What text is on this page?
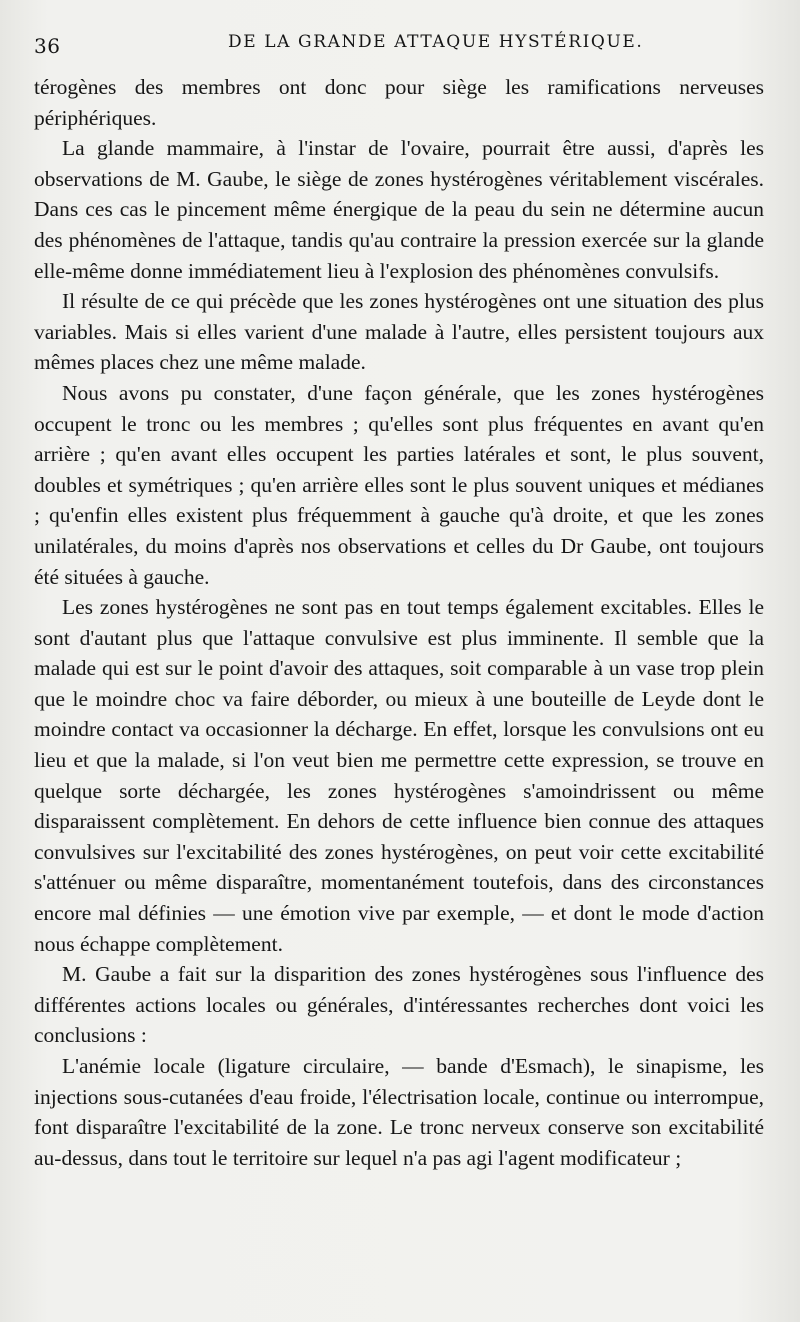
36	DE LA GRANDE ATTAQUE HYSTÉRIQUE.

térogènes des membres ont donc pour siège les ramifications nerveuses périphériques.

La glande mammaire, à l'instar de l'ovaire, pourrait être aussi, d'après les observations de M. Gaube, le siège de zones hystérogènes véritablement viscérales. Dans ces cas le pincement même énergique de la peau du sein ne détermine aucun des phénomènes de l'attaque, tandis qu'au contraire la pression exercée sur la glande elle-même donne immédiatement lieu à l'explosion des phénomènes convulsifs.

Il résulte de ce qui précède que les zones hystérogènes ont une situation des plus variables. Mais si elles varient d'une malade à l'autre, elles persistent toujours aux mêmes places chez une même malade.

Nous avons pu constater, d'une façon générale, que les zones hystérogènes occupent le tronc ou les membres ; qu'elles sont plus fréquentes en avant qu'en arrière ; qu'en avant elles occupent les parties latérales et sont, le plus souvent, doubles et symétriques ; qu'en arrière elles sont le plus souvent uniques et médianes ; qu'enfin elles existent plus fréquemment à gauche qu'à droite, et que les zones unilatérales, du moins d'après nos observations et celles du Dr Gaube, ont toujours été situées à gauche.

Les zones hystérogènes ne sont pas en tout temps également excitables. Elles le sont d'autant plus que l'attaque convulsive est plus imminente. Il semble que la malade qui est sur le point d'avoir des attaques, soit comparable à un vase trop plein que le moindre choc va faire déborder, ou mieux à une bouteille de Leyde dont le moindre contact va occasionner la décharge. En effet, lorsque les convulsions ont eu lieu et que la malade, si l'on veut bien me permettre cette expression, se trouve en quelque sorte déchargée, les zones hystérogènes s'amoindrissent ou même disparaissent complètement. En dehors de cette influence bien connue des attaques convulsives sur l'excitabilité des zones hystérogènes, on peut voir cette excitabilité s'atténuer ou même disparaître, momentanément toutefois, dans des circonstances encore mal définies — une émotion vive par exemple, — et dont le mode d'action nous échappe complètement.

M. Gaube a fait sur la disparition des zones hystérogènes sous l'influence des différentes actions locales ou générales, d'intéressantes recherches dont voici les conclusions :

L'anémie locale (ligature circulaire, — bande d'Esmach), le sinapisme, les injections sous-cutanées d'eau froide, l'électrisation locale, continue ou interrompue, font disparaître l'excitabilité de la zone. Le tronc nerveux conserve son excitabilité au-dessus, dans tout le territoire sur lequel n'a pas agi l'agent modificateur ;
